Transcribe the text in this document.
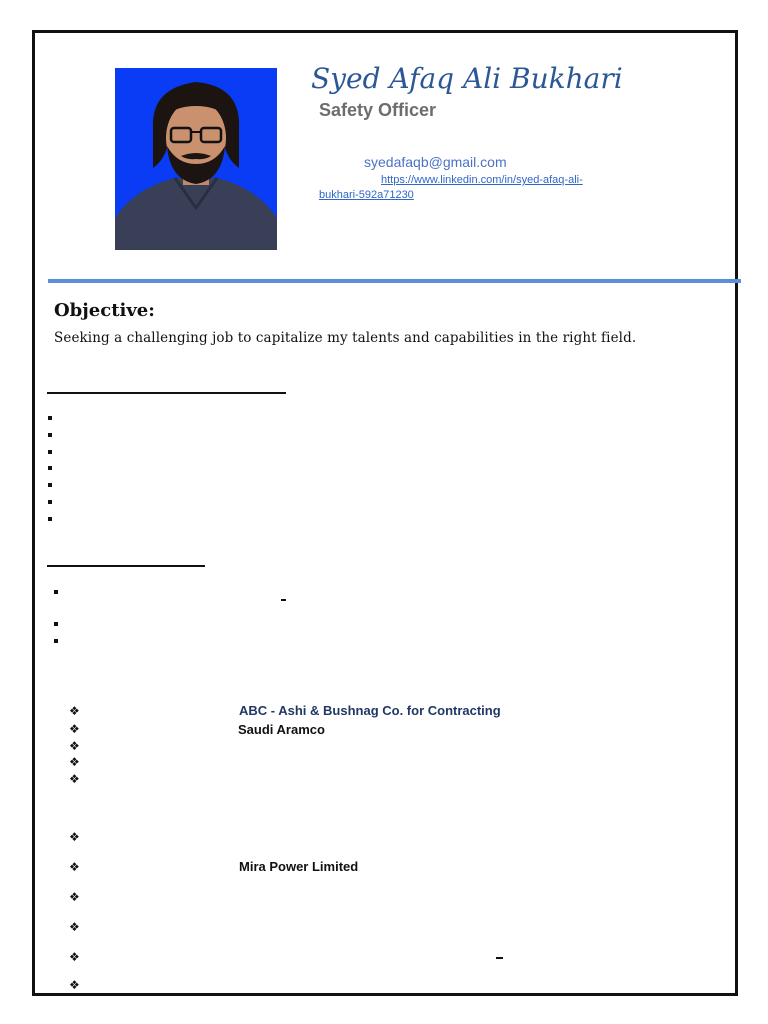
Syed Afaq Ali Bukhari
Safety Officer
syedafaqb@gmail.com
https://www.linkedin.com/in/syed-afaq-ali-bukhari-592a71230
Objective:
Seeking a challenging job to capitalize my talents and capabilities in the right field.
❖
❖
❖
❖
❖
❖
❖
❖
❖
❖
❖
ABC - Ashi & Bushnag Co. for Contracting
Saudi Aramco
Mira Power Limited
